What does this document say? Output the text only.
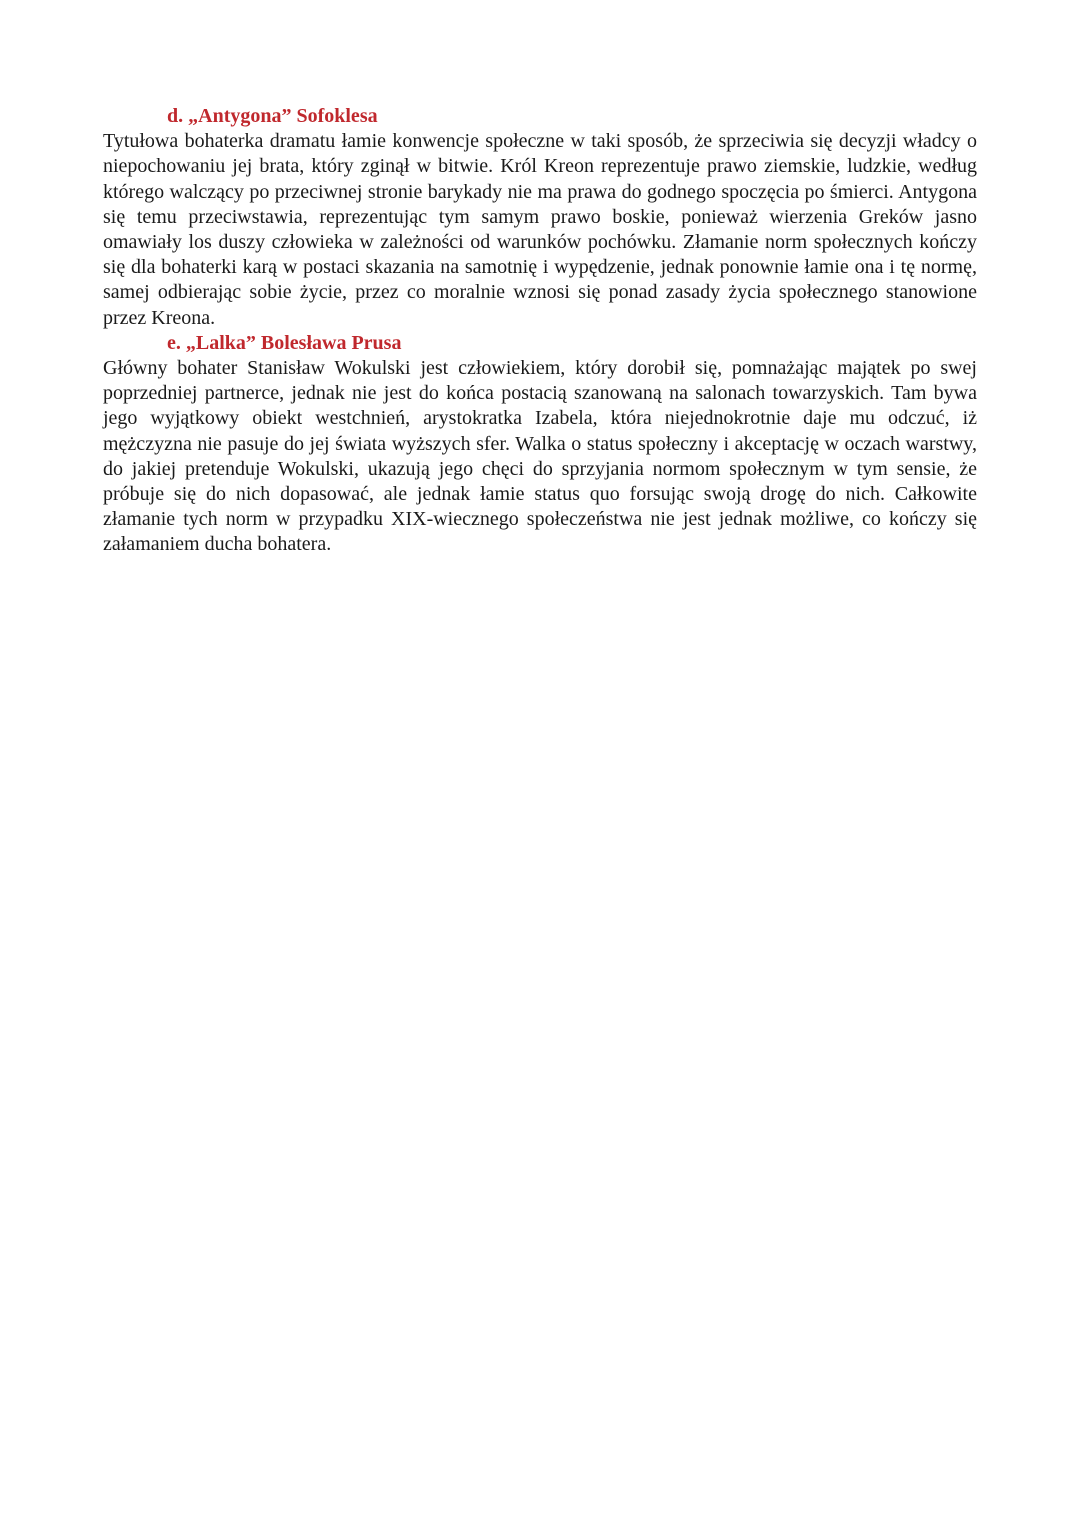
d. „Antygona” Sofoklesa

Tytułowa bohaterka dramatu łamie konwencje społeczne w taki sposób, że sprzeciwia się decyzji władcy o niepochowaniu jej brata, który zginął w bitwie. Król Kreon reprezentuje prawo ziemskie, ludzkie, według którego walczący po przeciwnej stronie barykady nie ma prawa do godnego spoczęcia po śmierci. Antygona się temu przeciwstawia, reprezentując tym samym prawo boskie, ponieważ wierzenia Greków jasno omawiały los duszy człowieka w zależności od warunków pochówku. Złamanie norm społecznych kończy się dla bohaterki karą w postaci skazania na samotnię i wypędzenie, jednak ponownie łamie ona i tę normę, samej odbierając sobie życie, przez co moralnie wznosi się ponad zasady życia społecznego stanowione przez Kreona.

e. „Lalka” Bolesława Prusa

Główny bohater Stanisław Wokulski jest człowiekiem, który dorobił się, pomnażając majątek po swej poprzedniej partnerce, jednak nie jest do końca postacią szanowaną na salonach towarzyskich. Tam bywa jego wyjątkowy obiekt westchnień, arystokratka Izabela, która niejednokrotnie daje mu odczuć, iż mężczyzna nie pasuje do jej świata wyższych sfer. Walka o status społeczny i akceptację w oczach warstwy, do jakiej pretenduje Wokulski, ukazują jego chęci do sprzyjania normom społecznym w tym sensie, że próbuje się do nich dopasować, ale jednak łamie status quo forsując swoją drogę do nich. Całkowite złamanie tych norm w przypadku XIX-wiecznego społeczeństwa nie jest jednak możliwe, co kończy się załamaniem ducha bohatera.
